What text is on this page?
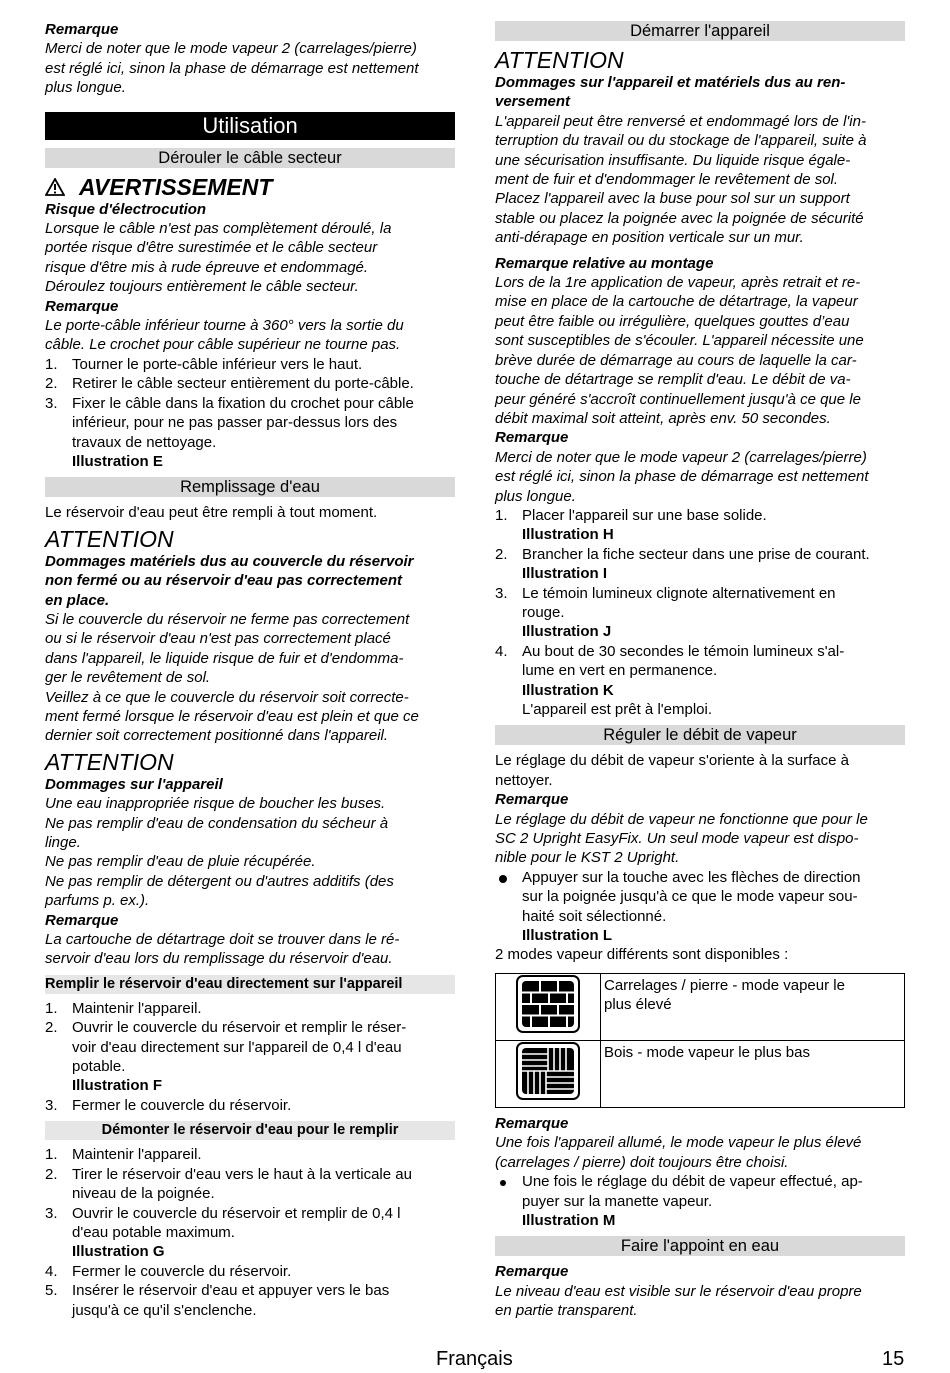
Remarque
Merci de noter que le mode vapeur 2 (carrelages/pierre)
est réglé ici, sinon la phase de démarrage est nettement
plus longue.
Utilisation
Dérouler le câble secteur
AVERTISSEMENT
Risque d'électrocution
Lorsque le câble n'est pas complètement déroulé, la
portée risque d'être surestimée et le câble secteur
risque d'être mis à rude épreuve et endommagé.
Déroulez toujours entièrement le câble secteur.
Remarque
Le porte-câble inférieur tourne à 360° vers la sortie du
câble. Le crochet pour câble supérieur ne tourne pas.
1. Tourner le porte-câble inférieur vers le haut.
2. Retirer le câble secteur entièrement du porte-câble.
3. Fixer le câble dans la fixation du crochet pour câble
inférieur, pour ne pas passer par-dessus lors des
travaux de nettoyage.
Illustration E
Remplissage d'eau
Le réservoir d'eau peut être rempli à tout moment.
ATTENTION
Dommages matériels dus au couvercle du réservoir
non fermé ou au réservoir d'eau pas correctement
en place.
Si le couvercle du réservoir ne ferme pas correctement
ou si le réservoir d'eau n'est pas correctement placé
dans l'appareil, le liquide risque de fuir et d'endomma-
ger le revêtement de sol.
Veillez à ce que le couvercle du réservoir soit correcte-
ment fermé lorsque le réservoir d'eau est plein et que ce
dernier soit correctement positionné dans l'appareil.
ATTENTION
Dommages sur l'appareil
Une eau inappropriée risque de boucher les buses.
Ne pas remplir d'eau de condensation du sécheur à
linge.
Ne pas remplir d'eau de pluie récupérée.
Ne pas remplir de détergent ou d'autres additifs (des
parfums p. ex.).
Remarque
La cartouche de détartrage doit se trouver dans le ré-
servoir d'eau lors du remplissage du réservoir d'eau.
Remplir le réservoir d'eau directement sur l'appareil
1. Maintenir l'appareil.
2. Ouvrir le couvercle du réservoir et remplir le réser-
voir d'eau directement sur l'appareil de 0,4 l d'eau
potable.
Illustration F
3. Fermer le couvercle du réservoir.
Démonter le réservoir d'eau pour le remplir
1. Maintenir l'appareil.
2. Tirer le réservoir d'eau vers le haut à la verticale au
niveau de la poignée.
3. Ouvrir le couvercle du réservoir et remplir de 0,4 l
d'eau potable maximum.
Illustration G
4. Fermer le couvercle du réservoir.
5. Insérer le réservoir d'eau et appuyer vers le bas
jusqu'à ce qu'il s'enclenche.
Démarrer l'appareil
ATTENTION
Dommages sur l'appareil et matériels dus au ren-
versement
L'appareil peut être renversé et endommagé lors de l'in-
terruption du travail ou du stockage de l'appareil, suite à
une sécurisation insuffisante. Du liquide risque égale-
ment de fuir et d'endommager le revêtement de sol.
Placez l'appareil avec la buse pour sol sur un support
stable ou placez la poignée avec la poignée de sécurité
anti-dérapage en position verticale sur un mur.
Remarque relative au montage
Lors de la 1re application de vapeur, après retrait et re-
mise en place de la cartouche de détartrage, la vapeur
peut être faible ou irrégulière, quelques gouttes d’eau
sont susceptibles de s'écouler. L'appareil nécessite une
brève durée de démarrage au cours de laquelle la car-
touche de détartrage se remplit d'eau. Le débit de va-
peur généré s'accroît continuellement jusqu'à ce que le
débit maximal soit atteint, après env. 50 secondes.
Remarque
Merci de noter que le mode vapeur 2 (carrelages/pierre)
est réglé ici, sinon la phase de démarrage est nettement
plus longue.
1. Placer l'appareil sur une base solide.
Illustration H
2. Brancher la fiche secteur dans une prise de courant.
Illustration I
3. Le témoin lumineux clignote alternativement en
rouge.
Illustration J
4. Au bout de 30 secondes le témoin lumineux s'al-
lume en vert en permanence.
Illustration K
L'appareil est prêt à l'emploi.
Réguler le débit de vapeur
Le réglage du débit de vapeur s'oriente à la surface à
nettoyer.
Remarque
Le réglage du débit de vapeur ne fonctionne que pour le
SC 2 Upright EasyFix. Un seul mode vapeur est dispo-
nible pour le KST 2 Upright.
Appuyer sur la touche avec les flèches de direction
sur la poignée jusqu'à ce que le mode vapeur sou-
haité soit sélectionné.
Illustration L
2 modes vapeur différents sont disponibles :

Carrelages / pierre - mode vapeur le
plus élevé

Bois - mode vapeur le plus bas
Remarque
Une fois l'appareil allumé, le mode vapeur le plus élevé
(carrelages / pierre) doit toujours être choisi.
Une fois le réglage du débit de vapeur effectué, ap-
puyer sur la manette vapeur.
Illustration M
Faire l'appoint en eau
Remarque
Le niveau d'eau est visible sur le réservoir d'eau propre
en partie transparent.
Français	15
